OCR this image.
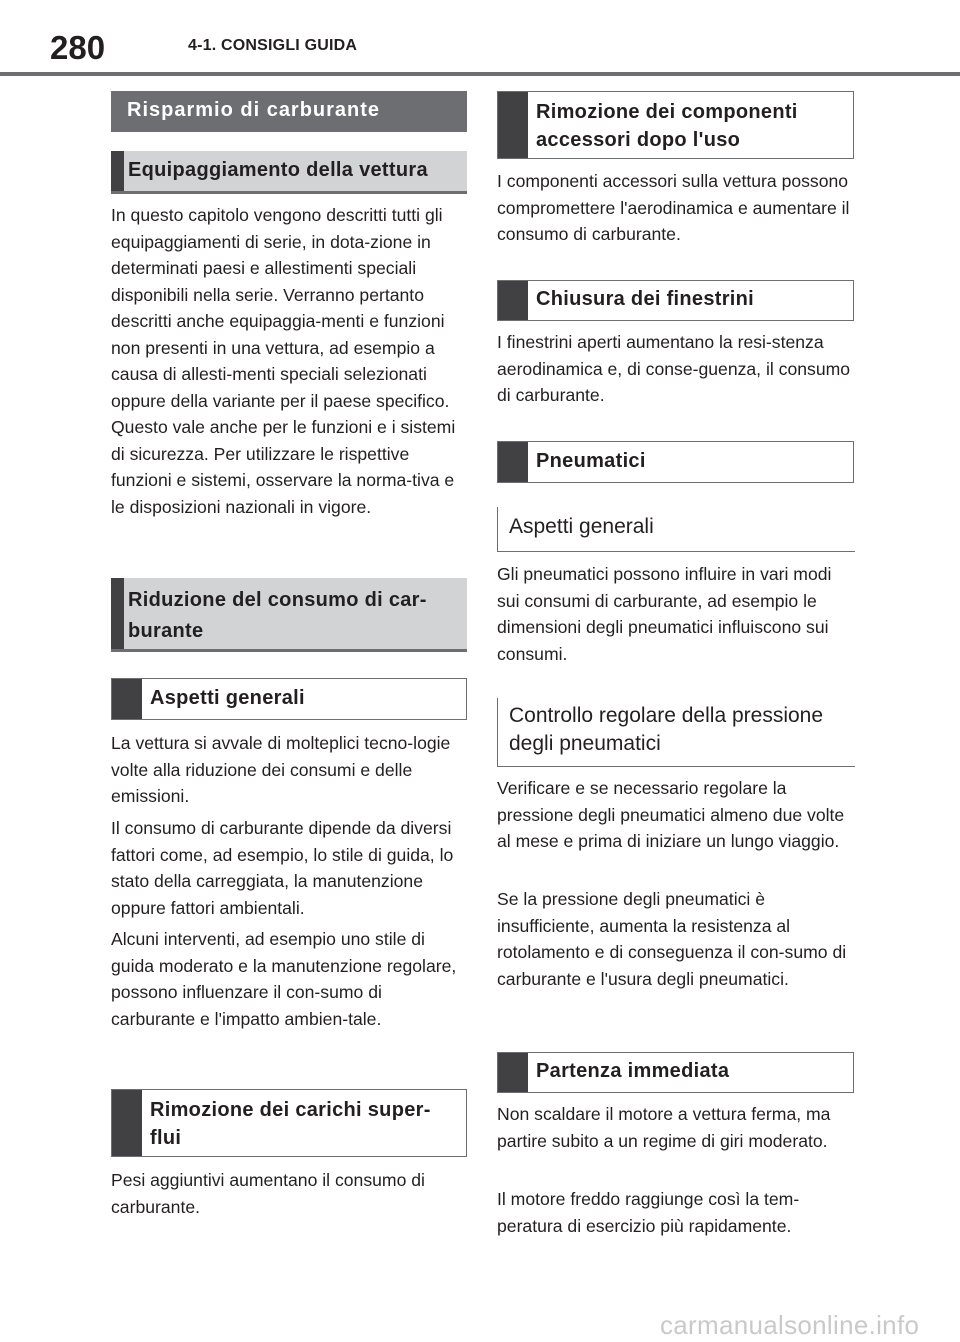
280	4-1. CONSIGLI GUIDA
Risparmio di carburante
Equipaggiamento della vettura

In questo capitolo vengono descritti tutti gli equipaggiamenti di serie, in dota-zione in determinati paesi e allestimenti speciali disponibili nella serie. Verranno pertanto descritti anche equipaggia-menti e funzioni non presenti in una vettura, ad esempio a causa di allesti-menti speciali selezionati oppure della variante per il paese specifico. Questo vale anche per le funzioni e i sistemi di sicurezza. Per utilizzare le rispettive funzioni e sistemi, osservare la norma-tiva e le disposizioni nazionali in vigore.

Riduzione del consumo di car-burante
Aspetti generali

La vettura si avvale di molteplici tecno-logie volte alla riduzione dei consumi e delle emissioni.

Il consumo di carburante dipende da diversi fattori come, ad esempio, lo stile di guida, lo stato della carreggiata, la manutenzione oppure fattori ambientali.

Alcuni interventi, ad esempio uno stile di guida moderato e la manutenzione regolare, possono influenzare il con-sumo di carburante e l'impatto ambien-tale.

Rimozione dei carichi super-flui

Pesi aggiuntivi aumentano il consumo di carburante.

Rimozione dei componenti accessori dopo l'uso

I componenti accessori sulla vettura possono compromettere l'aerodinamica e aumentare il consumo di carburante.

Chiusura dei finestrini

I finestrini aperti aumentano la resi-stenza aerodinamica e, di conse-guenza, il consumo di carburante.

Pneumatici
Aspetti generali

Gli pneumatici possono influire in vari modi sui consumi di carburante, ad esempio le dimensioni degli pneumatici influiscono sui consumi.

Controllo regolare della pressione degli pneumatici

Verificare e se necessario regolare la pressione degli pneumatici almeno due volte al mese e prima di iniziare un lungo viaggio.

Se la pressione degli pneumatici è insufficiente, aumenta la resistenza al rotolamento e di conseguenza il con-sumo di carburante e l'usura degli pneumatici.

Partenza immediata

Non scaldare il motore a vettura ferma, ma partire subito a un regime di giri moderato.

Il motore freddo raggiunge così la tem-peratura di esercizio più rapidamente.

carmanualsonline.info
